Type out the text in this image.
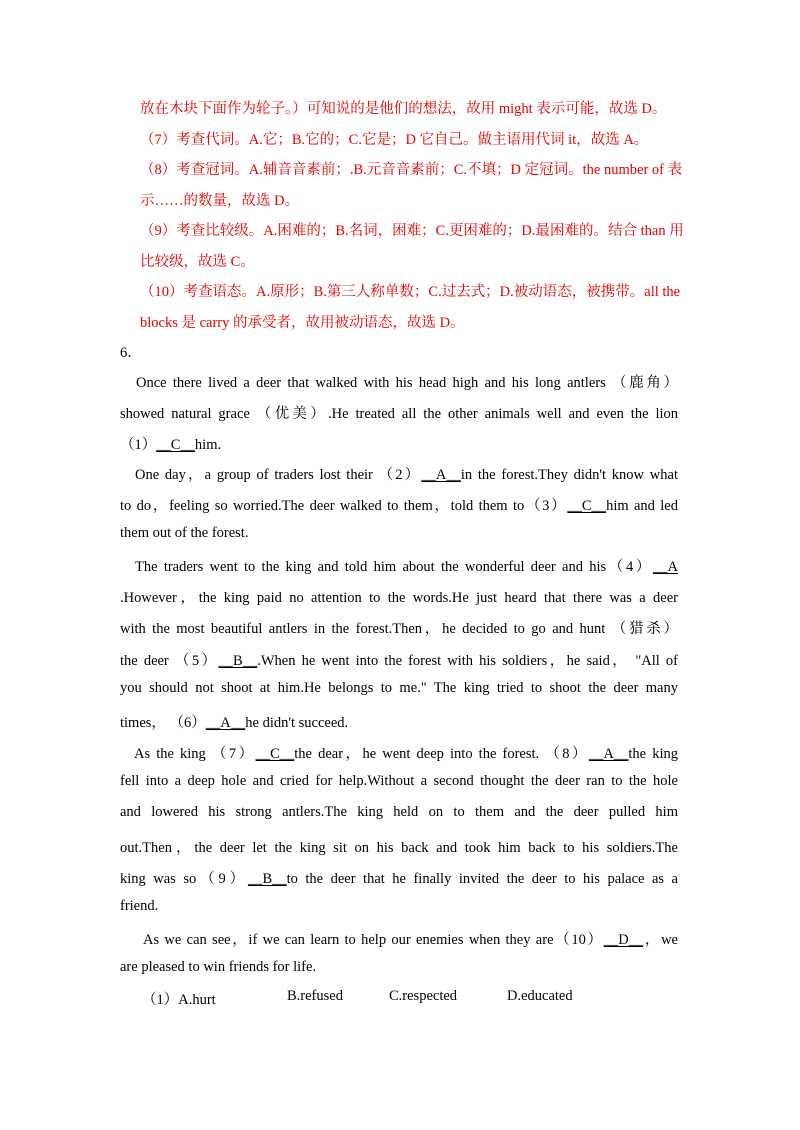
放在木块下面作为轮子。）可知说的是他们的想法，故用 might 表示可能，故选 D。
（7）考查代词。A.它；B.它的；C.它是；D 它自己。做主语用代词 it，故选 A。
（8）考查冠词。A.辅音音素前；.B.元音音素前；C.不填；D 定冠词。the number of 表
示……的数量，故选 D。
（9）考查比较级。A.困难的；B.名词，困难；C.更困难的；D.最困难的。结合 than 用
比较级，故选 C。
（10）考查语态。A.原形；B.第三人称单数；C.过去式；D.被动语态，被携带。all the
blocks 是 carry 的承受者，故用被动语态，故选 D。
6．
Once there lived a deer that walked with his head high and his long antlers （鹿角）
showed natural grace （优美）.He treated all the other animals well and even the lion
（1）__C__him.
One day，a group of traders lost their （2）__A__in the forest.They didn't know what
to do，feeling so worried.The deer walked to them，told them to（3）__C__him and led
them out of the forest.
The traders went to the king and told him about the wonderful deer and his（4）__A
.However，the king paid no attention to the words.He just heard that there was a deer
with the most beautiful antlers in the forest.Then，he decided to go and hunt （猎杀）
the deer （5）__B__.When he went into the forest with his soldiers，he said， "All of
you should not shoot at him.He belongs to me." The king tried to shoot the deer many
times， （6）__A__he didn't succeed.
As the king （7）__C__the dear，he went deep into the forest. （8）__A__the king
fell into a deep hole and cried for help.Without a second thought the deer ran to the hole
and lowered his strong antlers.The king held on to them and the deer pulled him
out.Then，the deer let the king sit on his back and took him back to his soldiers.The
king was so（9）__B__to the deer that he finally invited the deer to his palace as a
friend.
As we can see，if we can learn to help our enemies when they are（10）__D__，we
are pleased to win friends for life.
（1）A.hurt	B.refused	C.respected	D.educated
